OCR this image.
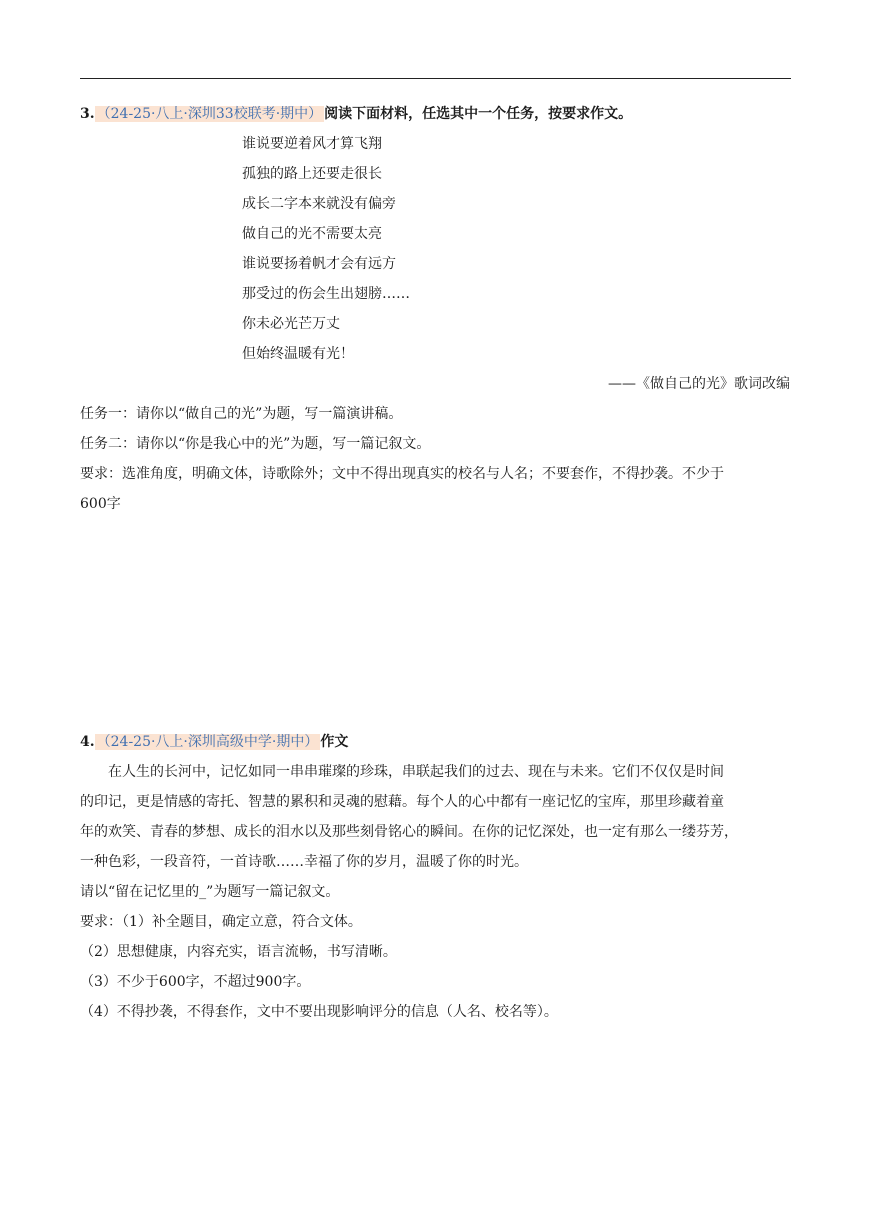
3. （24-25·八上·深圳33校联考·期中） 阅读下面材料，任选其中一个任务，按要求作文。
谁说要逆着风才算飞翔
孤独的路上还要走很长
成长二字本来就没有偏旁
做自己的光不需要太亮
谁说要扬着帆才会有远方
那受过的伤会生出翅膀……
你未必光芒万丈
但始终温暖有光！
——《做自己的光》歌词改编
任务一：请你以“做自己的光”为题，写一篇演讲稿。
任务二：请你以“你是我心中的光”为题，写一篇记叙文。
要求：选准角度，明确文体，诗歌除外；文中不得出现真实的校名与人名；不要套作，不得抄袭。不少于
600字
4. （24-25·八上·深圳高级中学·期中） 作文
在人生的长河中，记忆如同一串串璀璨的珍珠，串联起我们的过去、现在与未来。它们不仅仅是时间
的印记，更是情感的寄托、智慧的累积和灵魂的慰藉。每个人的心中都有一座记忆的宝库，那里珍藏着童
年的欢笑、青春的梦想、成长的泪水以及那些刻骨铭心的瞬间。在你的记忆深处，也一定有那么一缕芬芳，
一种色彩，一段音符，一首诗歌……幸福了你的岁月，温暖了你的时光。
请以“留在记忆里的_”为题写一篇记叙文。
要求：（1）补全题目，确定立意，符合文体。
（2）思想健康，内容充实，语言流畅，书写清晰。
（3）不少于600字，不超过900字。
（4）不得抄袭，不得套作，文中不要出现影响评分的信息（人名、校名等）。
